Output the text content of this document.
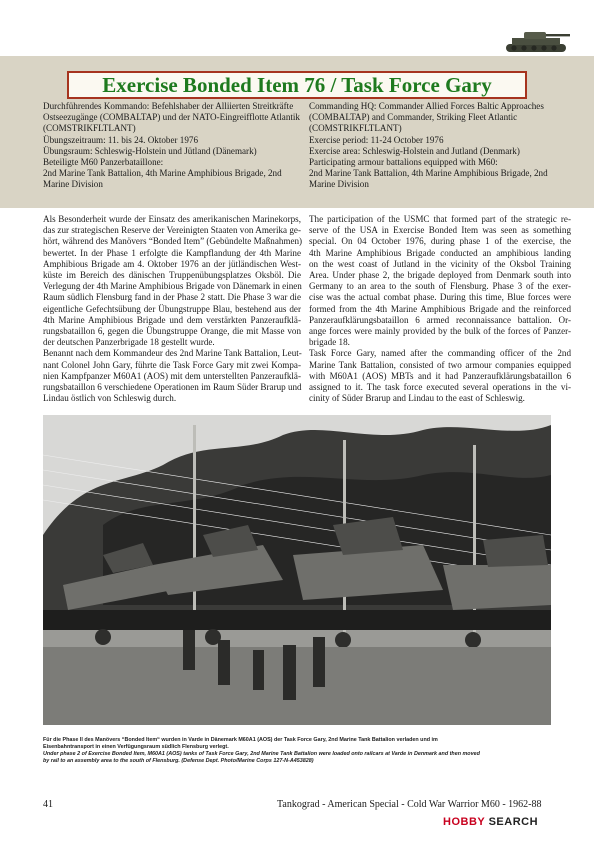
Exercise Bonded Item 76 / Task Force Gary
Durchführendes Kommando: Befehlshaber der Alliierten Streitkräfte
Ostseezugänge (COMBALTAP) und der NATO-Eingreifflotte Atlantik
(COMSTRIKFLTLANT)
Übungszeitraum: 11. bis 24. Oktober 1976
Übungsraum: Schleswig-Holstein und Jütland (Dänemark)
Beteiligte M60 Panzerbataillone:
2nd Marine Tank Battalion, 4th Marine Amphibious Brigade, 2nd
Marine Division
Commanding HQ: Commander Allied Forces Baltic Approaches
(COMBALTAP) and Commander, Striking Fleet Atlantic
(COMSTRIKFLTLANT)
Exercise period: 11-24 October 1976
Exercise area: Schleswig-Holstein and Jutland (Denmark)
Participating armour battalions equipped with M60:
2nd Marine Tank Battalion, 4th Marine Amphibious Brigade, 2nd
Marine Division
Als Besonderheit wurde der Einsatz des amerikanischen Marinekorps,
das zur strategischen Reserve der Vereinigten Staaten von Amerika ge-
hört, während des Manövers “Bonded Item” (Gebündelte Maßnahmen)
bewertet. In der Phase 1 erfolgte die Kampflandung der 4th Marine
Amphibious Brigade am 4. Oktober 1976 an der jütländischen West-
küste im Bereich des dänischen Truppenübungsplatzes Oksböl. Die
Verlegung der 4th Marine Amphibious Brigade von Dänemark in einen
Raum südlich Flensburg fand in der Phase 2 statt. Die Phase 3 war die
eigentliche Gefechtsübung der Übungstruppe Blau, bestehend aus der
4th Marine Amphibious Brigade und dem verstärkten Panzeraufklä-
rungsbataillon 6, gegen die Übungstruppe Orange, die mit Masse von
der deutschen Panzerbrigade 18 gestellt wurde.
Benannt nach dem Kommandeur des 2nd Marine Tank Battalion, Leut-
nant Colonel John Gary, führte die Task Force Gary mit zwei Kompa-
nien Kampfpanzer M60A1 (AOS) mit dem unterstellten Panzeraufklä-
rungsbataillon 6 verschiedene Operationen im Raum Süder Brarup und
Lindau östlich von Schleswig durch.
The participation of the USMC that formed part of the strategic re-
serve of the USA in Exercise Bonded Item was seen as something
special. On 04 October 1976, during phase 1 of the exercise, the
4th Marine Amphibious Brigade conducted an amphibious landing
on the west coast of Jutland in the vicinity of the Oksbol Training
Area. Under phase 2, the brigade deployed from Denmark south into
Germany to an area to the south of Flensburg. Phase 3 of the exer-
cise was the actual combat phase. During this time, Blue forces were
formed from the 4th Marine Amphibious Brigade and the reinforced
Panzeraufklärungsbataillon 6 armed reconnaissance battalion. Or-
ange forces were mainly provided by the bulk of the forces of Panzer-
brigade 18.
Task Force Gary, named after the commanding officer of the 2nd
Marine Tank Battalion, consisted of two armour companies equipped
with M60A1 (AOS) MBTs and it had Panzeraufklärungsbataillon 6
assigned to it. The task force executed several operations in the vi-
cinity of Süder Brarup and Lindau to the east of Schleswig.
Für die Phase II des Manövers “Bonded Item“ wurden in Varde in Dänemark M60A1 (AOS) der Task Force Gary, 2nd Marine Tank Battalion verladen und im
Eisenbahntransport in einen Verfügungsraum südlich Flensburg verlegt.
Under phase 2 of Exercise Bonded Item, M60A1 (AOS) tanks of Task Force Gary, 2nd Marine Tank Battalion were loaded onto railcars at Varde in Denmark and then moved
by rail to an assembly area to the south of Flensburg. (Defense Dept. Photo/Marine Corps 127-N-A453828)
41	Tankograd - American Special - Cold War Warrior M60 - 1962-88
HOBBY SEARCH
